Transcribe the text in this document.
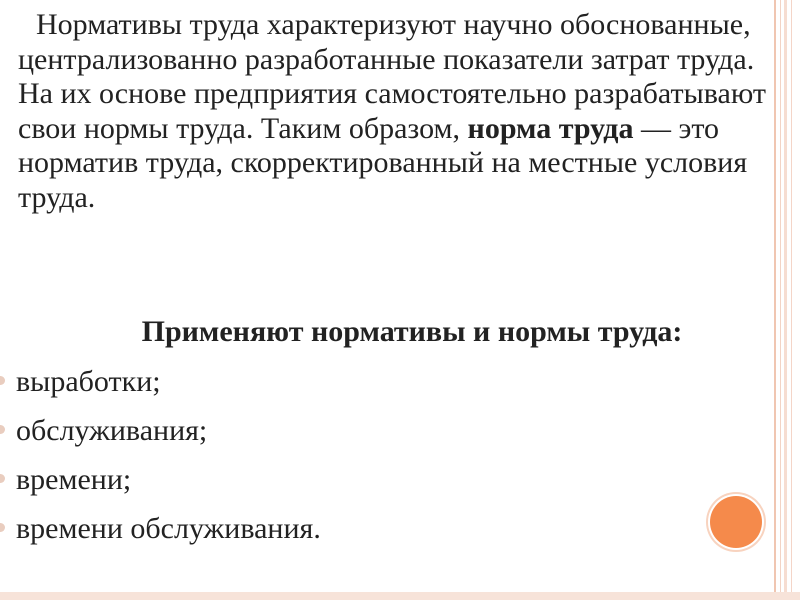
Нормативы труда характеризуют научно обоснованные, централизованно разработанные показатели затрат труда. На их основе предприятия самостоятельно разрабатывают свои нормы труда. Таким образом, норма труда — это норматив труда, скорректированный на местные условия труда.

Применяют нормативы и нормы труда:

выработки;
обслуживания;
времени;
времени обслуживания.
